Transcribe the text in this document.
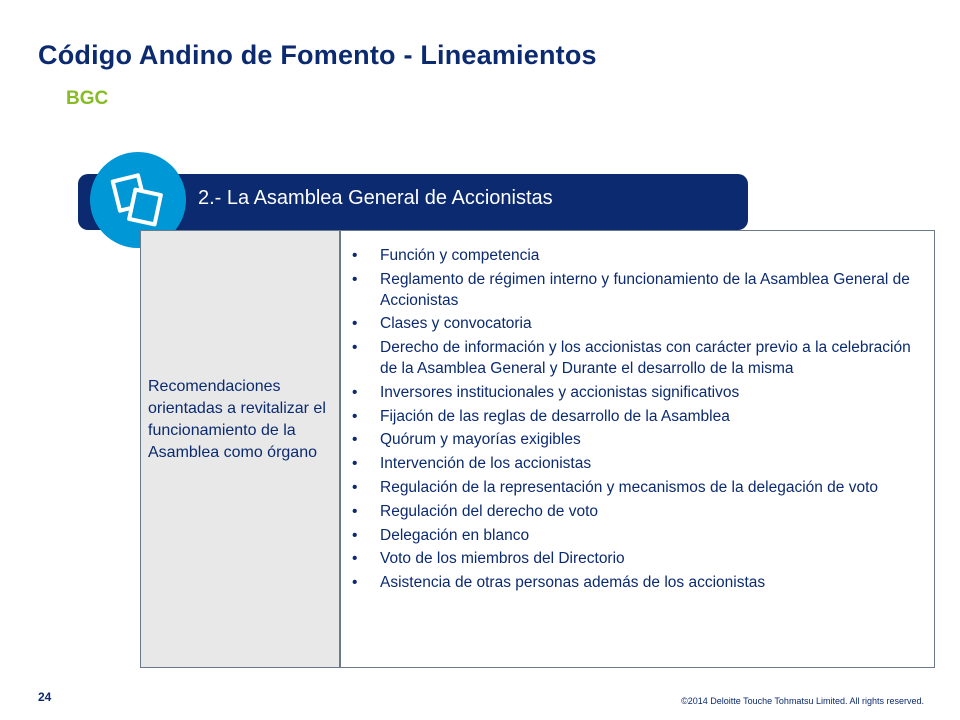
Código Andino de Fomento - Lineamientos
BGC
2.- La Asamblea General de Accionistas
Recomendaciones orientadas a revitalizar el funcionamiento de la Asamblea como órgano
• Función y competencia
• Reglamento de régimen interno y funcionamiento de la Asamblea General de Accionistas
• Clases y convocatoria
• Derecho de información y los accionistas con carácter previo a la celebración de la Asamblea General y Durante el desarrollo de la misma
• Inversores institucionales y accionistas significativos
• Fijación de las reglas de desarrollo de la Asamblea
• Quórum y mayorías exigibles
• Intervención de los accionistas
• Regulación de la representación y mecanismos de la delegación de voto
• Regulación del derecho de voto
• Delegación en blanco
• Voto de los miembros del Directorio
• Asistencia de otras personas además de los accionistas
24	©2014 Deloitte Touche Tohmatsu Limited. All rights reserved.
